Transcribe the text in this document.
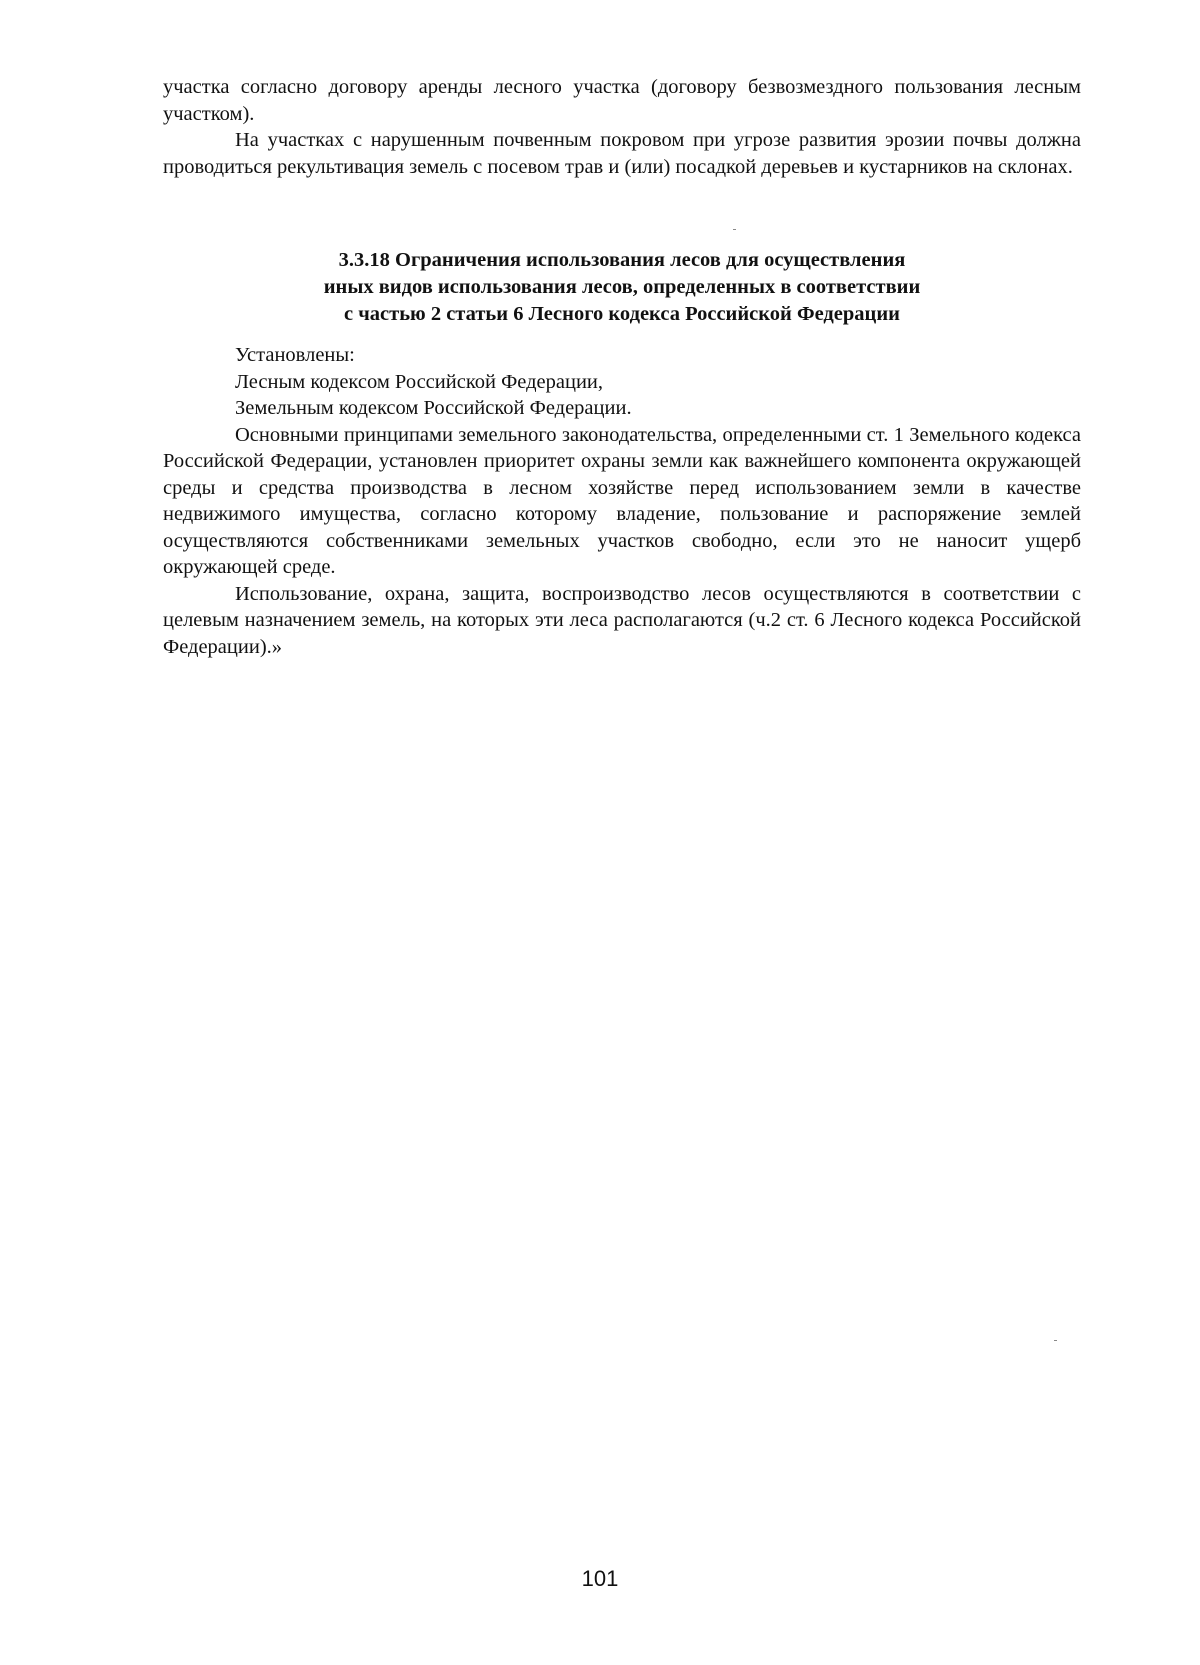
участка согласно договору аренды лесного участка (договору безвозмездного пользования лесным участком).

На участках с нарушенным почвенным покровом при угрозе развития эрозии почвы должна проводиться рекультивация земель с посевом трав и (или) посадкой деревьев и кустарников на склонах.

3.3.18 Ограничения использования лесов для осуществления
иных видов использования лесов, определенных в соответствии
с частью 2 статьи 6 Лесного кодекса Российской Федерации
Установлены:
Лесным кодексом Российской Федерации,
Земельным кодексом Российской Федерации.

Основными принципами земельного законодательства, определенными ст. 1 Земельного кодекса Российской Федерации, установлен приоритет охраны земли как важнейшего компонента окружающей среды и средства производства в лесном хозяйстве перед использованием земли в качестве недвижимого имущества, согласно которому владение, пользование и распоряжение землей осуществляются собственниками земельных участков свободно, если это не наносит ущерб окружающей среде.

Использование, охрана, защита, воспроизводство лесов осуществляются в соответствии с целевым назначением земель, на которых эти леса располагаются (ч.2 ст. 6 Лесного кодекса Российской Федерации).»

101
